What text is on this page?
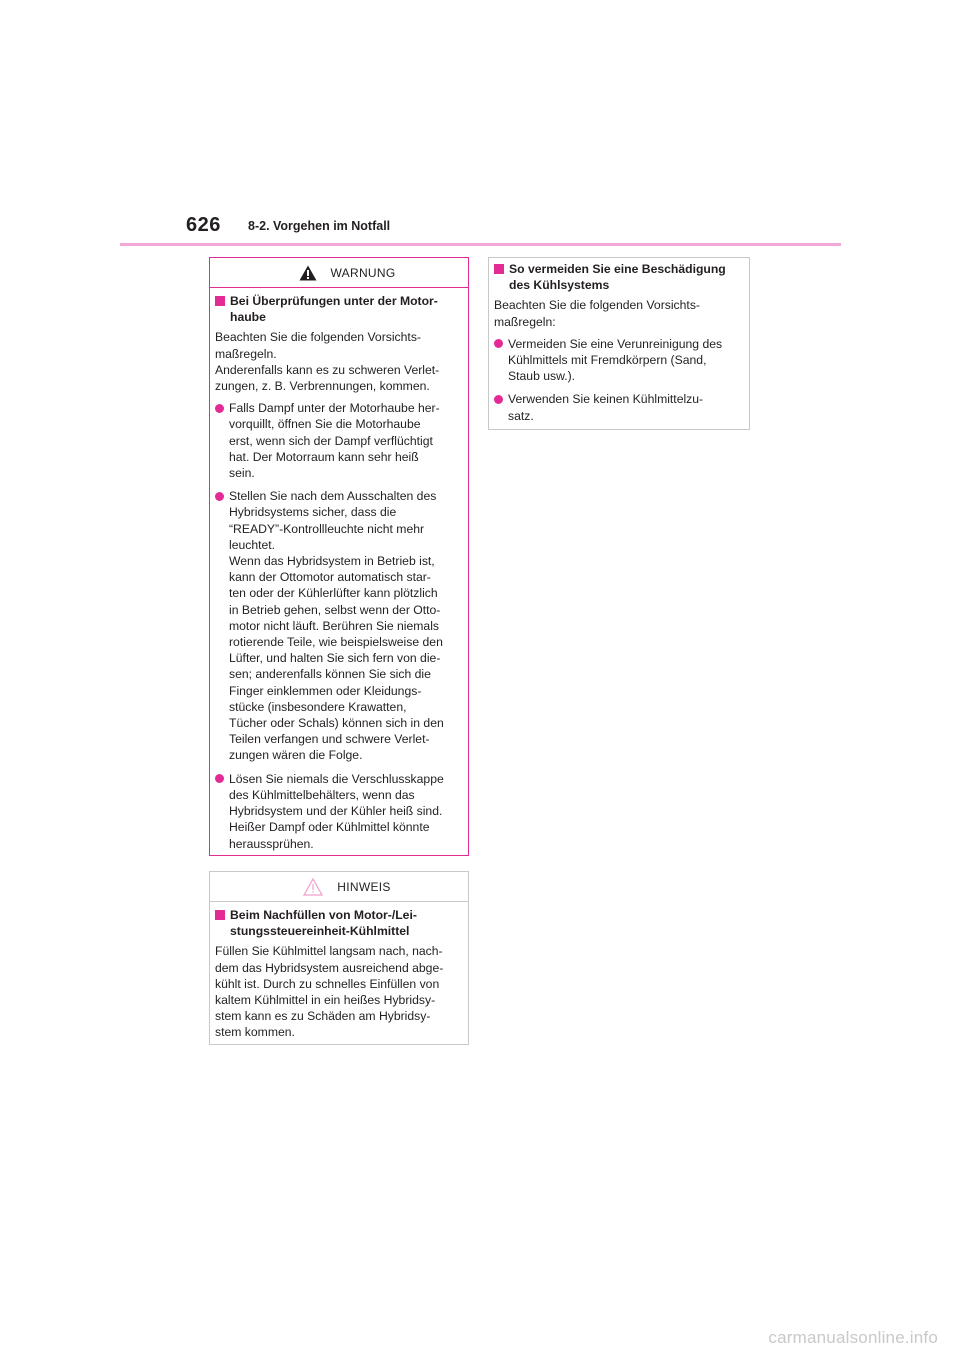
626 8-2. Vorgehen im Notfall
WARNUNG
Bei Überprüfungen unter der Motor-
haube
Beachten Sie die folgenden Vorsichts-
maßregeln.
Anderenfalls kann es zu schweren Verlet-
zungen, z. B. Verbrennungen, kommen.
Falls Dampf unter der Motorhaube her-
vorquillt, öffnen Sie die Motorhaube
erst, wenn sich der Dampf verflüchtigt
hat. Der Motorraum kann sehr heiß
sein.
Stellen Sie nach dem Ausschalten des
Hybridsystems sicher, dass die
“READY”-Kontrollleuchte nicht mehr
leuchtet.
Wenn das Hybridsystem in Betrieb ist,
kann der Ottomotor automatisch star-
ten oder der Kühlerlüfter kann plötzlich
in Betrieb gehen, selbst wenn der Otto-
motor nicht läuft. Berühren Sie niemals
rotierende Teile, wie beispielsweise den
Lüfter, und halten Sie sich fern von die-
sen; anderenfalls können Sie sich die
Finger einklemmen oder Kleidungs-
stücke (insbesondere Krawatten,
Tücher oder Schals) können sich in den
Teilen verfangen und schwere Verlet-
zungen wären die Folge.
Lösen Sie niemals die Verschlusskappe
des Kühlmittelbehälters, wenn das
Hybridsystem und der Kühler heiß sind.
Heißer Dampf oder Kühlmittel könnte
heraussprühen.
HINWEIS
Beim Nachfüllen von Motor-/Lei-
stungssteuereinheit-Kühlmittel
Füllen Sie Kühlmittel langsam nach, nach-
dem das Hybridsystem ausreichend abge-
kühlt ist. Durch zu schnelles Einfüllen von
kaltem Kühlmittel in ein heißes Hybridsy-
stem kann es zu Schäden am Hybridsy-
stem kommen.
So vermeiden Sie eine Beschädigung
des Kühlsystems
Beachten Sie die folgenden Vorsichts-
maßregeln:
Vermeiden Sie eine Verunreinigung des
Kühlmittels mit Fremdkörpern (Sand,
Staub usw.).
Verwenden Sie keinen Kühlmittelzu-
satz.
carmanualsonline.info
